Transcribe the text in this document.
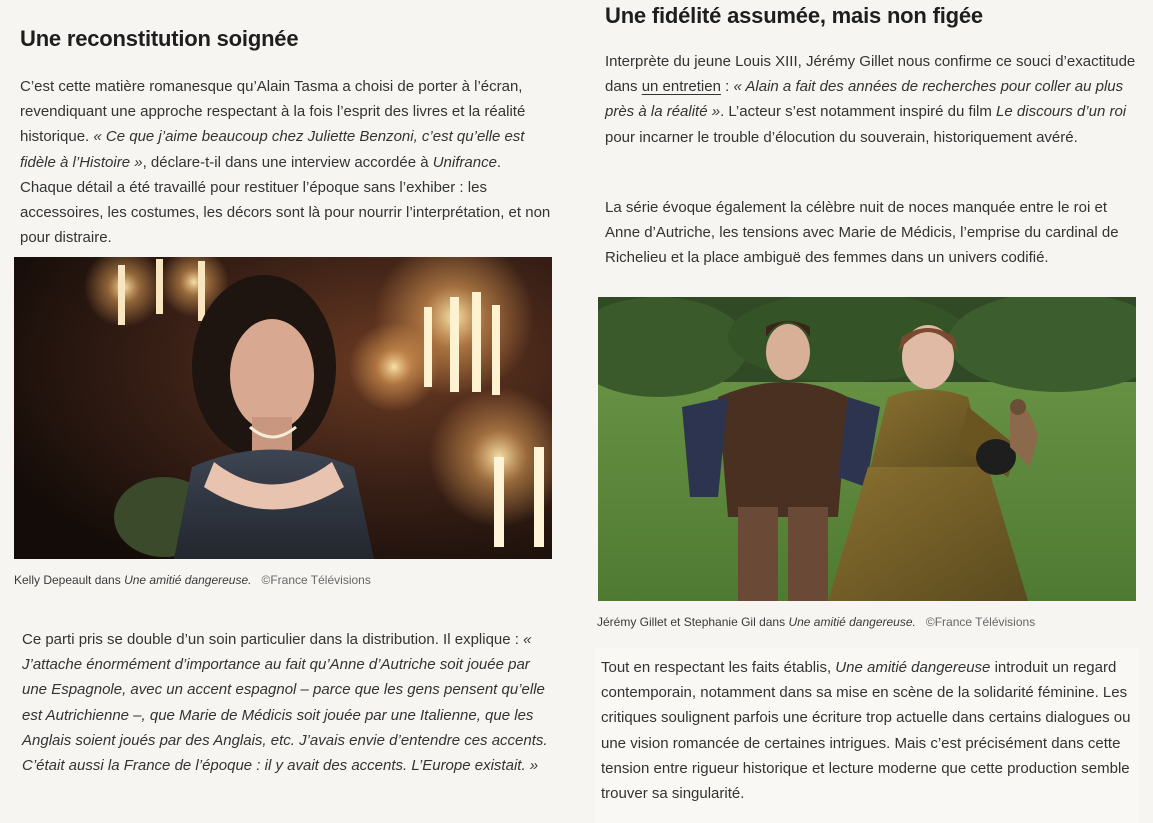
Une reconstitution soignée

C’est cette matière romanesque qu’Alain Tasma a choisi de porter à l’écran, revendiquant une approche respectant à la fois l’esprit des livres et la réalité historique. « Ce que j’aime beaucoup chez Juliette Benzoni, c’est qu’elle est fidèle à l’Histoire », déclare-t-il dans une interview accordée à Unifrance. Chaque détail a été travaillé pour restituer l’époque sans l’exhiber : les accessoires, les costumes, les décors sont là pour nourrir l’interprétation, et non pour distraire.

Kelly Depeault dans Une amitié dangereuse. ©France Télévisions

Ce parti pris se double d’un soin particulier dans la distribution. Il explique : « J’attache énormément d’importance au fait qu’Anne d’Autriche soit jouée par une Espagnole, avec un accent espagnol – parce que les gens pensent qu’elle est Autrichienne –, que Marie de Médicis soit jouée par une Italienne, que les Anglais soient joués par des Anglais, etc. J’avais envie d’entendre ces accents. C’était aussi la France de l’époque : il y avait des accents. L’Europe existait. »

Une fidélité assumée, mais non figée

Interprète du jeune Louis XIII, Jérémy Gillet nous confirme ce souci d’exactitude dans un entretien : « Alain a fait des années de recherches pour coller au plus près à la réalité ». L’acteur s’est notamment inspiré du film Le discours d’un roi pour incarner le trouble d’élocution du souverain, historiquement avéré.

La série évoque également la célèbre nuit de noces manquée entre le roi et Anne d’Autriche, les tensions avec Marie de Médicis, l’emprise du cardinal de Richelieu et la place ambiguë des femmes dans un univers codifié.

Jérémy Gillet et Stephanie Gil dans Une amitié dangereuse. ©France Télévisions

Tout en respectant les faits établis, Une amitié dangereuse introduit un regard contemporain, notamment dans sa mise en scène de la solidarité féminine. Les critiques soulignent parfois une écriture trop actuelle dans certains dialogues ou une vision romancée de certaines intrigues. Mais c’est précisément dans cette tension entre rigueur historique et lecture moderne que cette production semble trouver sa singularité.
